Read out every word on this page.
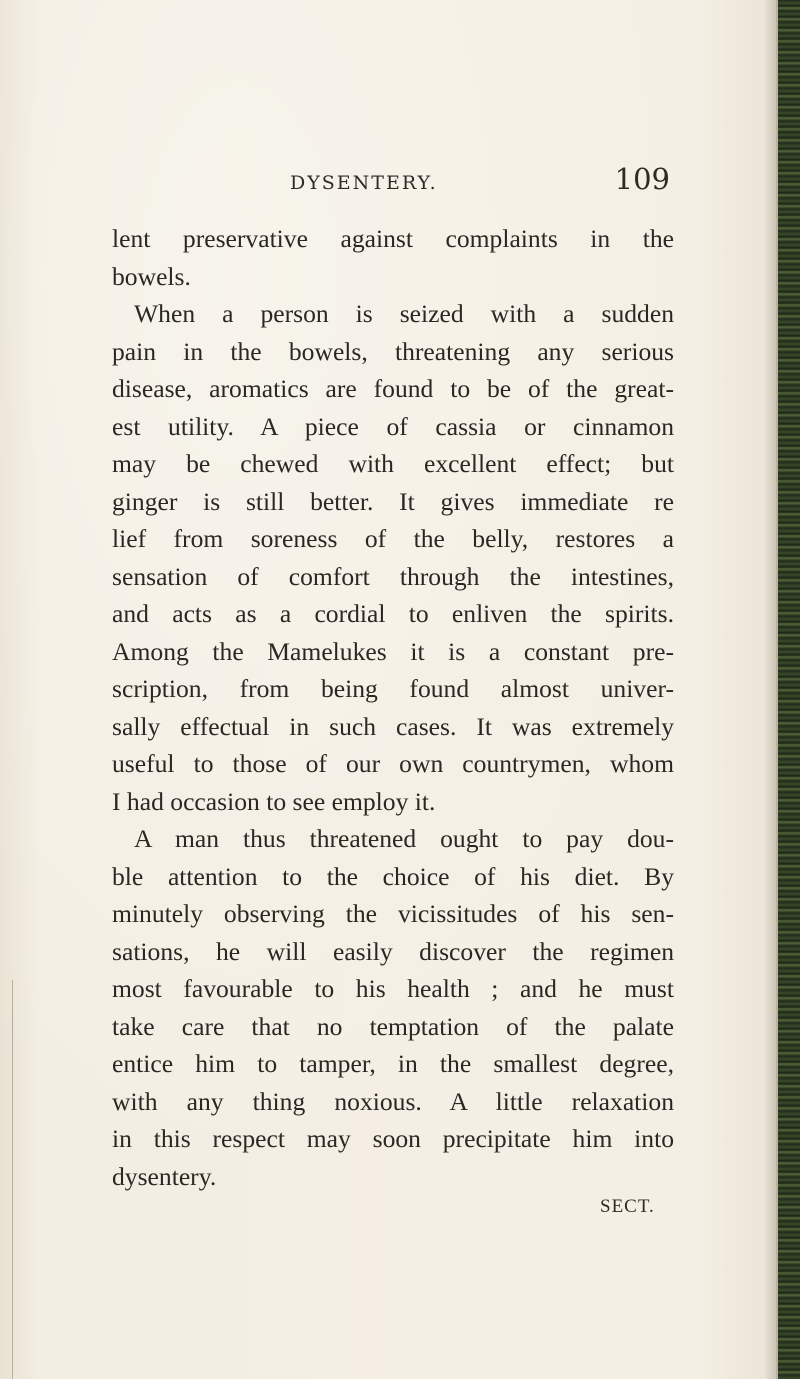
DYSENTERY.	109
lent preservative against complaints in the
bowels.
When a person is seized with a sudden
pain in the bowels, threatening any serious
disease, aromatics are found to be of the great-
est utility. A piece of cassia or cinnamon
may be chewed with excellent effect; but
ginger is still better. It gives immediate re
lief from soreness of the belly, restores a
sensation of comfort through the intestines,
and acts as a cordial to enliven the spirits.
Among the Mamelukes it is a constant pre-
scription, from being found almost univer-
sally effectual in such cases. It was extremely
useful to those of our own countrymen, whom
I had occasion to see employ it.
A man thus threatened ought to pay dou-
ble attention to the choice of his diet. By
minutely observing the vicissitudes of his sen-
sations, he will easily discover the regimen
most favourable to his health ; and he must
take care that no temptation of the palate
entice him to tamper, in the smallest degree,
with any thing noxious. A little relaxation
in this respect may soon precipitate him into
dysentery.
SECT.
